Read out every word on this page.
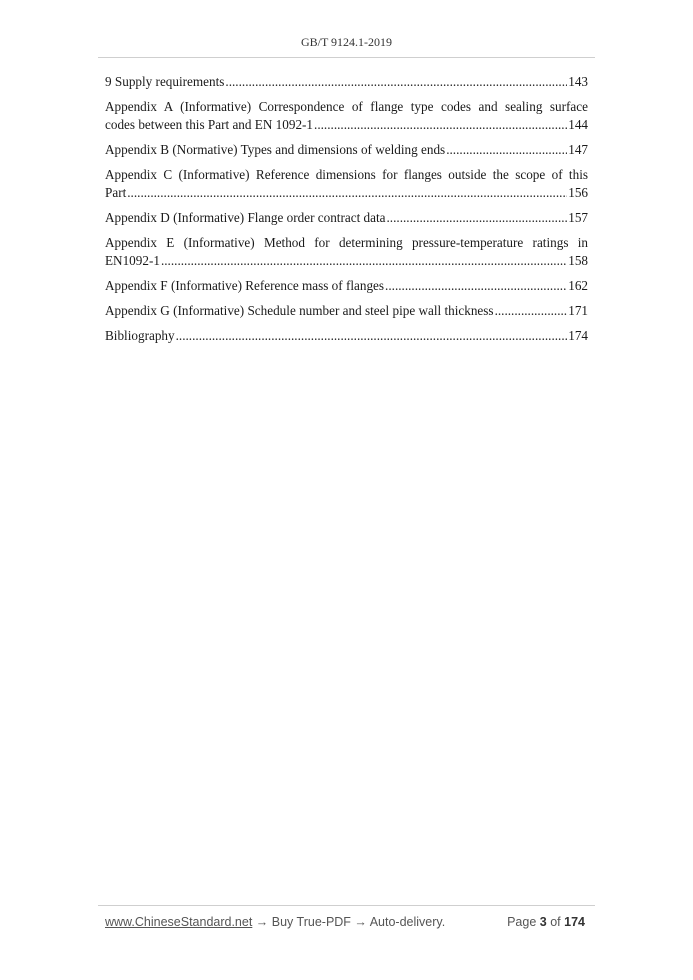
GB/T 9124.1-2019
9 Supply requirements .....	143
Appendix A (Informative) Correspondence of flange type codes and sealing surface
codes between this Part and EN 1092-1 .....	144
Appendix B (Normative) Types and dimensions of welding ends .....	147
Appendix C (Informative) Reference dimensions for flanges outside the scope of this
Part .....	156
Appendix D (Informative) Flange order contract data .....	157
Appendix E (Informative) Method for determining pressure-temperature ratings in
EN1092-1 .....	158
Appendix F (Informative) Reference mass of flanges .....	162
Appendix G (Informative) Schedule number and steel pipe wall thickness .....	171
Bibliography .....	174
www.ChineseStandard.net → Buy True-PDF → Auto-delivery.	Page 3 of 174
